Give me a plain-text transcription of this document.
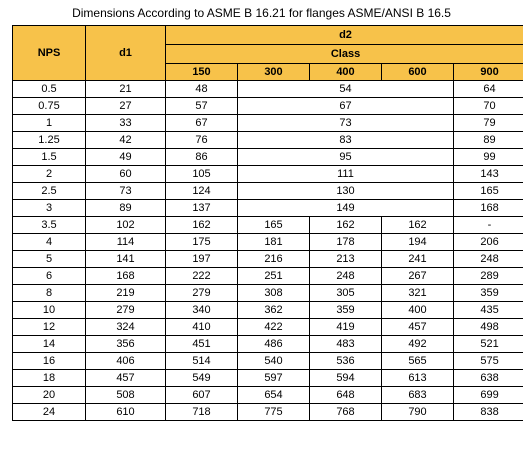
Dimensions According to ASME B 16.21 for flanges ASME/ANSI B 16.5
NPS	d1	d2				
		Class				
		150	300	400	600	900
0.5	21	48	54			64
0.75	27	57	67			70
1	33	67	73			79
1.25	42	76	83			89
1.5	49	86	95			99
2	60	105	111			143
2.5	73	124	130			165
3	89	137	149			168
3.5	102	162	165	162	162	-
4	114	175	181	178	194	206
5	141	197	216	213	241	248
6	168	222	251	248	267	289
8	219	279	308	305	321	359
10	279	340	362	359	400	435
12	324	410	422	419	457	498
14	356	451	486	483	492	521
16	406	514	540	536	565	575
18	457	549	597	594	613	638
20	508	607	654	648	683	699
24	610	718	775	768	790	838
